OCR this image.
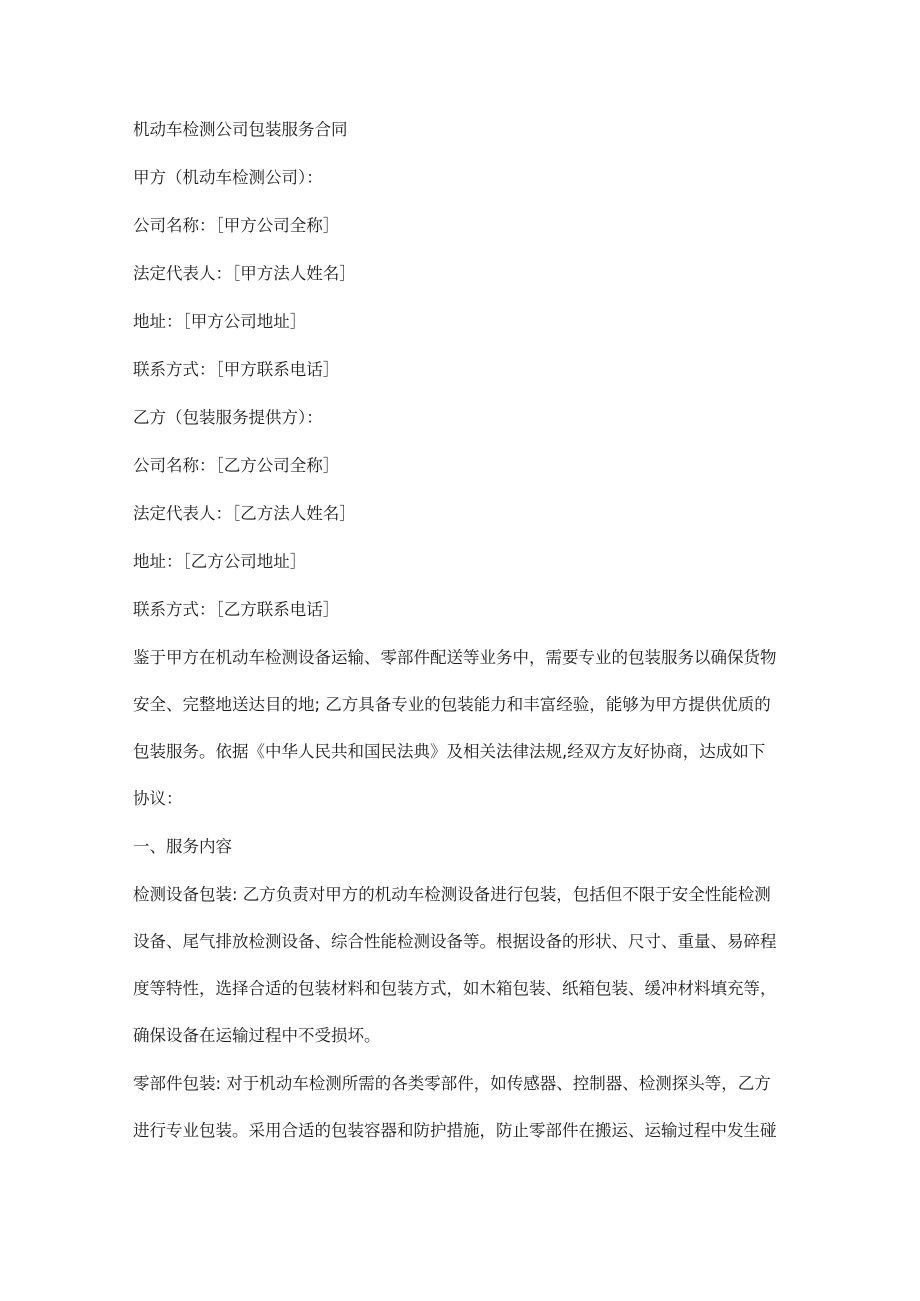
机动车检测公司包装服务合同
甲方（机动车检测公司）：
公司名称：［甲方公司全称］
法定代表人：［甲方法人姓名］
地址：［甲方公司地址］
联系方式：［甲方联系电话］
乙方（包装服务提供方）：
公司名称：［乙方公司全称］
法定代表人：［乙方法人姓名］
地址：［乙方公司地址］
联系方式：［乙方联系电话］
鉴于甲方在机动车检测设备运输、零部件配送等业务中，需要专业的包装服务以确保货物
安全、完整地送达目的地; 乙方具备专业的包装能力和丰富经验，能够为甲方提供优质的
包装服务。依据《中华人民共和国民法典》及相关法律法规,经双方友好协商，达成如下
协议：
一、服务内容
检测设备包装: 乙方负责对甲方的机动车检测设备进行包装，包括但不限于安全性能检测
设备、尾气排放检测设备、综合性能检测设备等。根据设备的形状、尺寸、重量、易碎程
度等特性，选择合适的包装材料和包装方式，如木箱包装、纸箱包装、缓冲材料填充等，
确保设备在运输过程中不受损坏。
零部件包装: 对于机动车检测所需的各类零部件，如传感器、控制器、检测探头等，乙方
进行专业包装。采用合适的包装容器和防护措施，防止零部件在搬运、运输过程中发生碰
